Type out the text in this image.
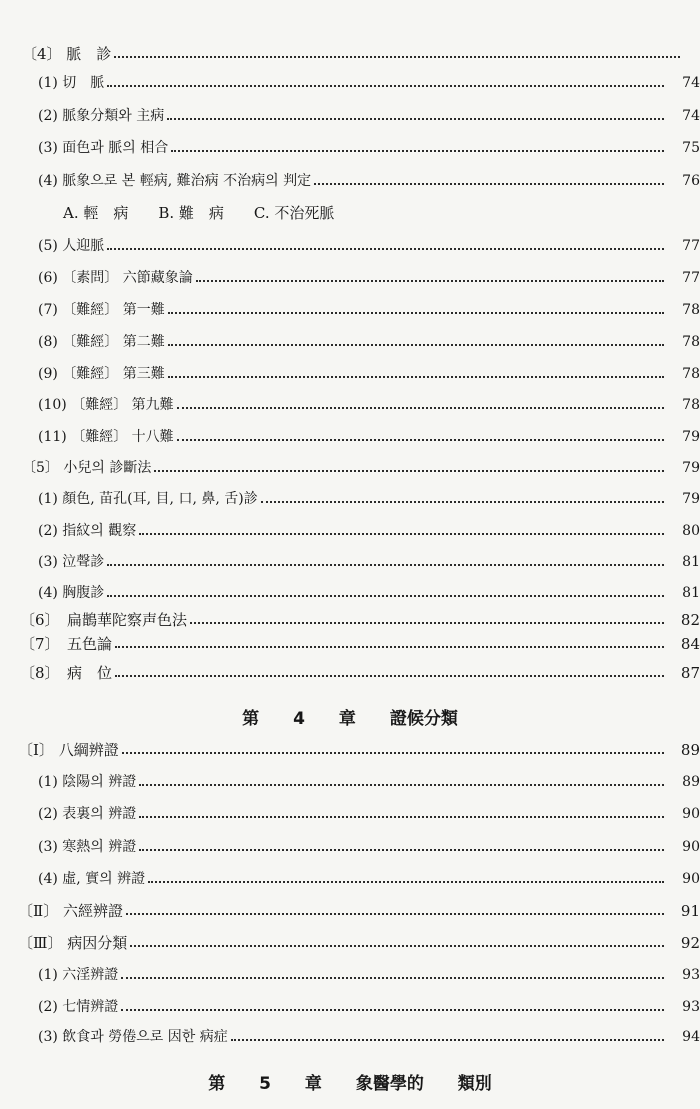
〔4〕 脈　診
(1) 切　脈	74
(2) 脈象分類와 主病	74
(3) 面色과 脈의 相合	75
(4) 脈象으로 본 輕病, 難治病 不治病의 判定	76
A. 輕　病　　B. 難　病　　C. 不治死脈
(5) 人迎脈	77
(6) 〔素問〕 六節藏象論	77
(7) 〔難經〕 第一難	78
(8) 〔難經〕 第二難	78
(9) 〔難經〕 第三難	78
(10) 〔難經〕 第九難	78
(11) 〔難經〕 十八難	79
〔5〕 小兒의 診斷法	79
(1) 顏色, 苗孔(耳, 目, 口, 鼻, 舌)診	79
(2) 指紋의 觀察	80
(3) 泣聲診	81
(4) 胸腹診	81
〔6〕　扁鵲華陀察声色法	82
〔7〕　五色論	84
〔8〕　病　位	87
第 4 章　　證候分類
〔Ⅰ〕 八綱辨證	89
(1) 陰陽의 辨證	89
(2) 表裏의 辨證	90
(3) 寒熱의 辨證	90
(4) 虛, 實의 辨證	90
〔Ⅱ〕 六經辨證	91
〔Ⅲ〕 病因分類	92
(1) 六淫辨證	93
(2) 七情辨證	93
(3) 飲食과 勞倦으로 因한 病症	94
第 5 章　　象醫學的 類別
